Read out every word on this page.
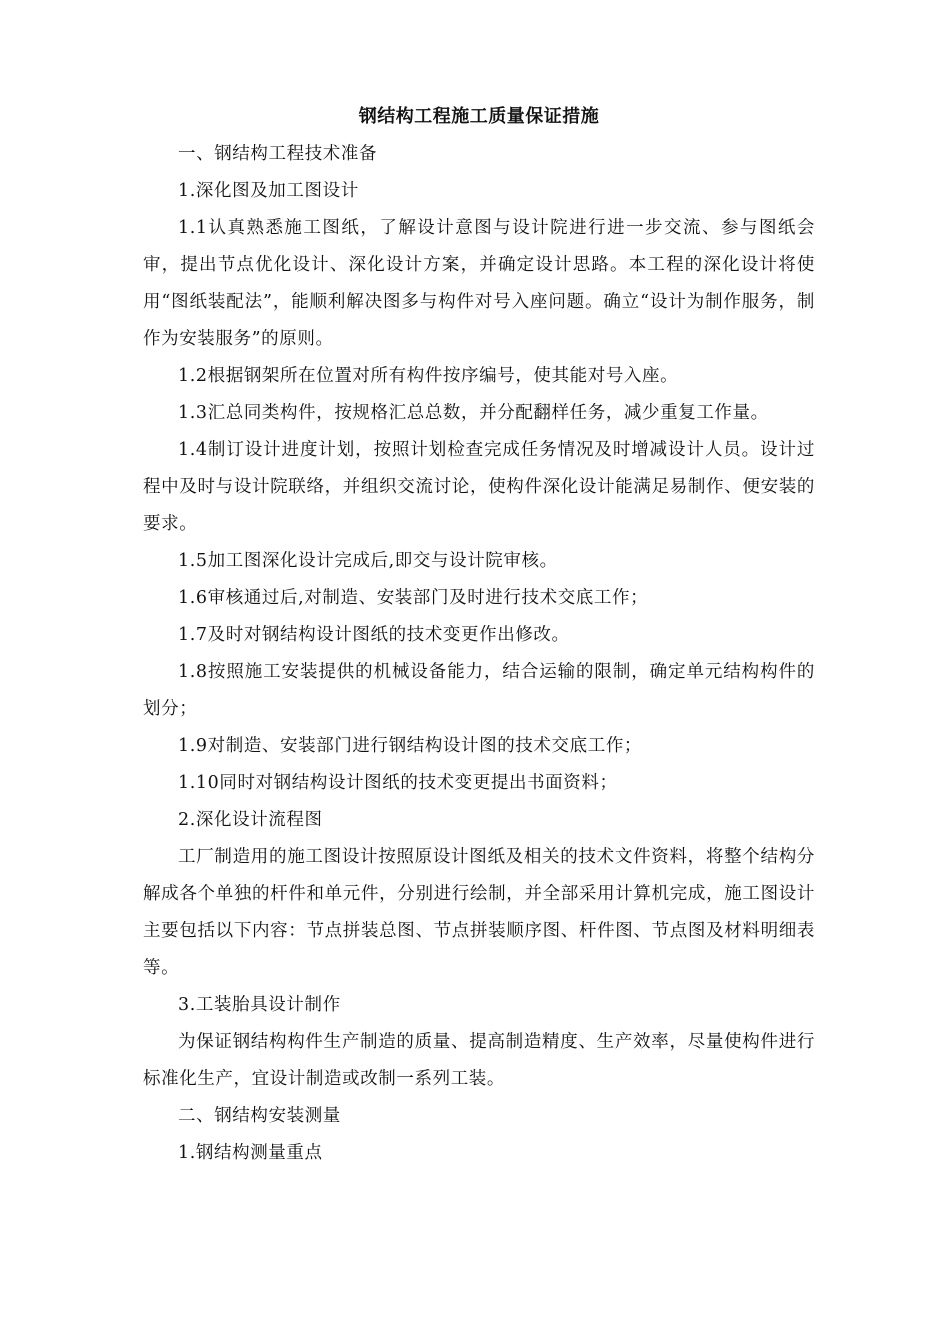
钢结构工程施工质量保证措施

一、钢结构工程技术准备

1.深化图及加工图设计

1.1认真熟悉施工图纸，了解设计意图与设计院进行进一步交流、参与图纸会审，提出节点优化设计、深化设计方案，并确定设计思路。本工程的深化设计将使用“图纸装配法”，能顺利解决图多与构件对号入座问题。确立“设计为制作服务，制作为安装服务”的原则。

1.2根据钢架所在位置对所有构件按序编号，使其能对号入座。

1.3汇总同类构件，按规格汇总总数，并分配翻样任务，减少重复工作量。

1.4制订设计进度计划，按照计划检查完成任务情况及时增减设计人员。设计过程中及时与设计院联络，并组织交流讨论，使构件深化设计能满足易制作、便安装的要求。

1.5加工图深化设计完成后,即交与设计院审核。

1.6审核通过后,对制造、安装部门及时进行技术交底工作；

1.7及时对钢结构设计图纸的技术变更作出修改。

1.8按照施工安装提供的机械设备能力，结合运输的限制，确定单元结构构件的划分；

1.9对制造、安装部门进行钢结构设计图的技术交底工作；

1.10同时对钢结构设计图纸的技术变更提出书面资料；

2.深化设计流程图

工厂制造用的施工图设计按照原设计图纸及相关的技术文件资料，将整个结构分解成各个单独的杆件和单元件，分别进行绘制，并全部采用计算机完成，施工图设计主要包括以下内容：节点拼装总图、节点拼装顺序图、杆件图、节点图及材料明细表等。

3.工装胎具设计制作

为保证钢结构构件生产制造的质量、提高制造精度、生产效率，尽量使构件进行标准化生产，宜设计制造或改制一系列工装。

二、钢结构安装测量

1.钢结构测量重点
